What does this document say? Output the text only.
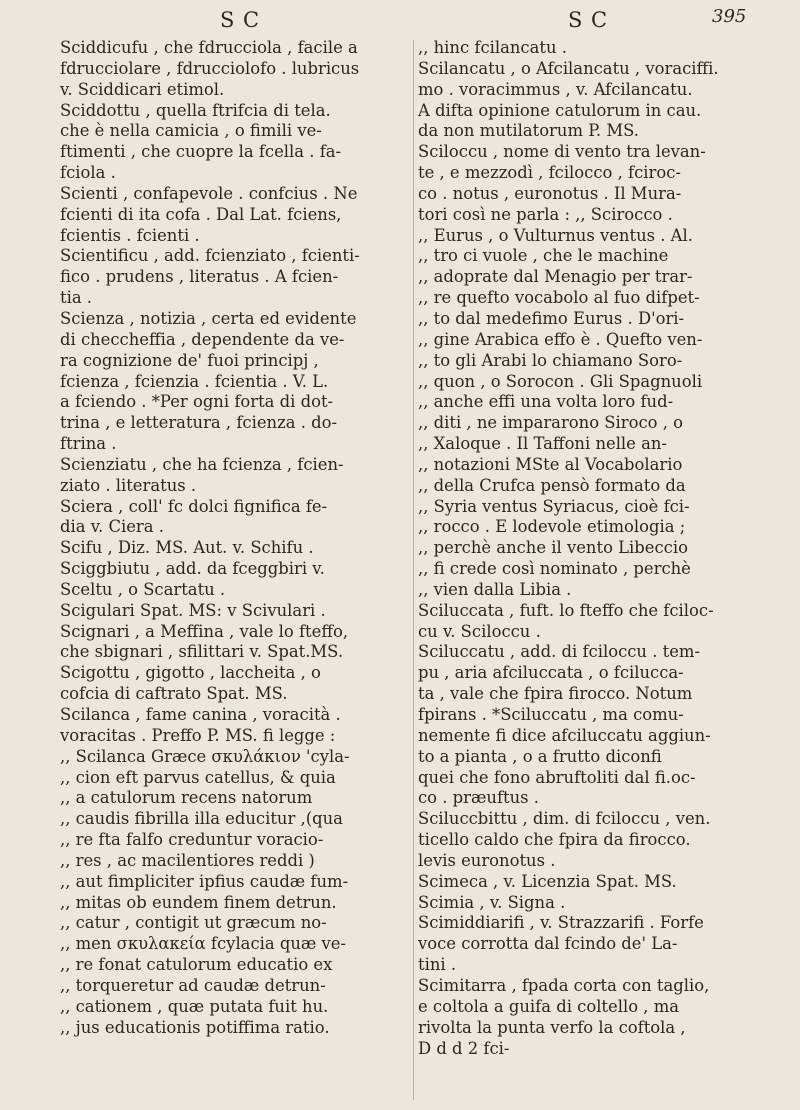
S C	S C	395
Sciddicufu , che fdrucciola , facile a
fdrucciolare , fdrucciolofo . lubricus
v. Sciddicari etimol.
Sciddottu , quella ftrifcia di tela.
che è nella camicia , o fimili ve-
ftimenti , che cuopre la fcella . fa-
fciola .
Scienti , confapevole . confcius . Ne
fcienti di ita cofa . Dal Lat. fciens,
fcientis . fcienti .
Scientificu , add. fcienziato , fcienti-
fico . prudens , literatus . A fcien-
tia .
Scienza , notizia , certa ed evidente
di checcheffia , dependente da ve-
ra cognizione de' fuoi principj ,
fcienza , fcienzia . fcientia . V. L.
a fciendo . *Per ogni forta di dot-
trina , e letteratura , fcienza . do-
ftrina .
Scienziatu , che ha fcienza , fcien-
ziato . literatus .
Sciera , coll' fc dolci fignifica fe-
dia v. Ciera .
Scifu , Diz. MS. Aut. v. Schifu .
Sciggbiutu , add. da fceggbiri v.
Sceltu , o Scartatu .
Scigulari Spat. MS: v Scivulari .
Scignari , a Meffina , vale lo fteffo,
che sbignari , sfilittari v. Spat.MS.
Scigottu , gigotto , laccheita , o
cofcia di caftrato Spat. MS.
Scilanca , fame canina , voracità .
voracitas . Preffo P. MS. fi legge :
,, Scilanca Græce σκυλάκιον 'cyla-
,, cion eft parvus catellus, & quia
,, a catulorum recens natorum
,, caudis fibrilla illa educitur ,(qua
,, re fta falfo creduntur voracio-
,, res , ac macilentiores reddi )
,, aut fimpliciter ipfius caudæ fum-
,, mitas ob eundem finem detrun.
,, catur , contigit ut græcum no-
,, men σκυλακεία fcylacia quæ ve-
,, re fonat catulorum educatio ex
,, torqueretur ad caudæ detrun-
,, cationem , quæ putata fuit hu.
,, jus educationis potiffima ratio.
,, hinc fcilancatu .
Scilancatu , o Afcilancatu , voraciffi.
mo . voracimmus , v. Afcilancatu.
A difta opinione catulorum in cau.
da non mutilatorum P. MS.
Sciloccu , nome di vento tra levan-
te , e mezzodì , fcilocco , fciroc-
co . notus , euronotus . Il Mura-
tori così ne parla : ,, Scirocco .
,, Eurus , o Vulturnus ventus . Al.
,, tro ci vuole , che le machine
,, adoprate dal Menagio per trar-
,, re quefto vocabolo al fuo difpet-
,, to dal medefimo Eurus . D'ori-
,, gine Arabica effo è . Quefto ven-
,, to gli Arabi lo chiamano Soro-
,, quon , o Sorocon . Gli Spagnuoli
,, anche effi una volta loro fud-
,, diti , ne impararono Siroco , o
,, Xaloque . Il Taffoni nelle an-
,, notazioni MSte al Vocabolario
,, della Crufca pensò formato da
,, Syria ventus Syriacus, cioè fci-
,, rocco . E lodevole etimologia ;
,, perchè anche il vento Libeccio
,, fi crede così nominato , perchè
,, vien dalla Libia .
Sciluccata , fuft. lo fteffo che fciloc-
cu v. Sciloccu .
Sciluccatu , add. di fciloccu . tem-
pu , aria afciluccata , o fcilucca-
ta , vale che fpira firocco. Notum
fpirans . *Sciluccatu , ma comu-
nemente fi dice afciluccatu aggiun-
to a pianta , o a frutto diconfi
quei che fono abruftoliti dal fi.oc-
co . præuftus .
Sciluccbittu , dim. di fciloccu , ven.
ticello caldo che fpira da firocco.
levis euronotus .
Scimeca , v. Licenzia Spat. MS.
Scimia , v. Signa .
Scimiddiarifi , v. Strazzarifi . Forfe
voce corrotta dal fcindo de' La-
tini .
Scimitarra , fpada corta con taglio,
e coltola a guifa di coltello , ma
rivolta la punta verfo la coftola ,
D d d 2 fci-
